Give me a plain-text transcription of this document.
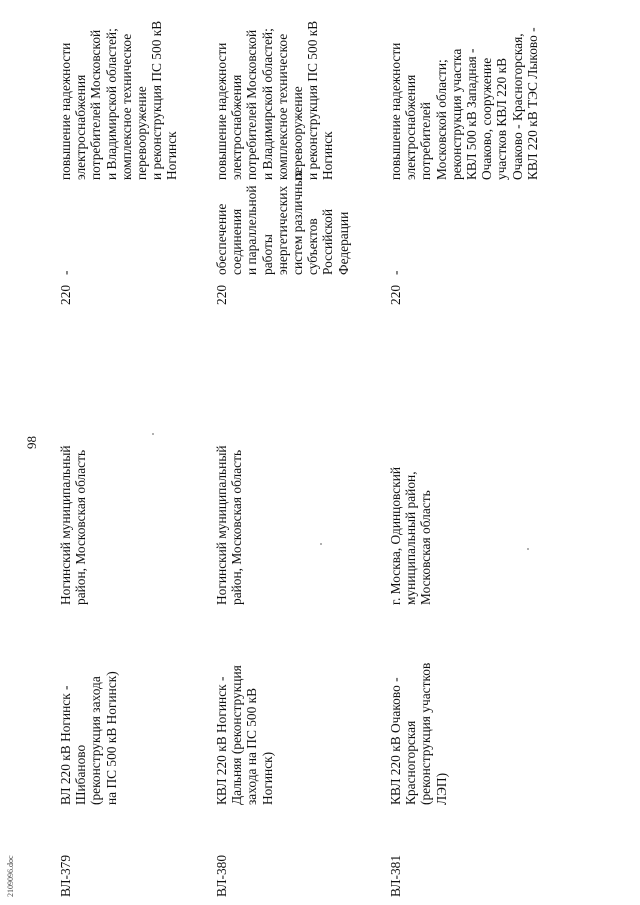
2109096.doc
98
ВЛ-379
ВЛ 220 кВ Ногинск -
Шибаново
(реконструкция захода
на ПС 500 кВ Ногинск)
Ногинский муниципальный
район, Московская область
220
-
повышение надежности
электроснабжения
потребителей Московской
и Владимирской областей;
комплексное техническое
перевооружение
и реконструкция ПС 500 кВ
Ногинск
ВЛ-380
КВЛ 220 кВ Ногинск -
Дальняя (реконструкция
захода на ПС 500 кВ
Ногинск)
Ногинский муниципальный
район, Московская область
220
обеспечение
соединения
и параллельной
работы
энергетических
систем различных
субъектов
Российской
Федерации
повышение надежности
электроснабжения
потребителей Московской
и Владимирской областей;
комплексное техническое
перевооружение
и реконструкция ПС 500 кВ
Ногинск
ВЛ-381
КВЛ 220 кВ Очаково -
Красногорская
(реконструкция участков
ЛЭП)
г. Москва, Одинцовский
муниципальный район,
Московская область
220
-
повышение надежности
электроснабжения
потребителей
Московской области;
реконструкция участка
КВЛ 500 кВ Западная -
Очаково, сооружение
участков КВЛ 220 кВ
Очаково - Красногорская,
КВЛ 220 кВ ТЭС Лыково -
